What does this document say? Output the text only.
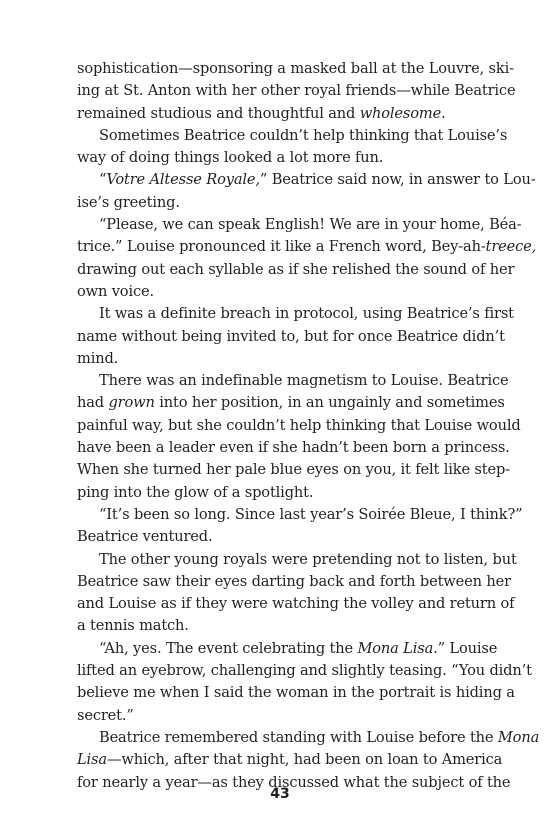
sophistication—sponsoring a masked ball at the Louvre, ski-
ing at St. Anton with her other royal friends—while Beatrice
remained studious and thoughtful and wholesome.
Sometimes Beatrice couldn’t help thinking that Louise’s
way of doing things looked a lot more fun.
“Votre Altesse Royale,” Beatrice said now, in answer to Lou-
ise’s greeting.
“Please, we can speak English! We are in your home, Béa-
trice.” Louise pronounced it like a French word, Bey-ah-treece,
drawing out each syllable as if she relished the sound of her
own voice.
It was a definite breach in protocol, using Beatrice’s first
name without being invited to, but for once Beatrice didn’t
mind.
There was an indefinable magnetism to Louise. Beatrice
had grown into her position, in an ungainly and sometimes
painful way, but she couldn’t help thinking that Louise would
have been a leader even if she hadn’t been born a princess.
When she turned her pale blue eyes on you, it felt like step-
ping into the glow of a spotlight.
“It’s been so long. Since last year’s Soirée Bleue, I think?”
Beatrice ventured.
The other young royals were pretending not to listen, but
Beatrice saw their eyes darting back and forth between her
and Louise as if they were watching the volley and return of
a tennis match.
“Ah, yes. The event celebrating the Mona Lisa.” Louise
lifted an eyebrow, challenging and slightly teasing. “You didn’t
believe me when I said the woman in the portrait is hiding a
secret.”
Beatrice remembered standing with Louise before the Mona
Lisa—which, after that night, had been on loan to America
for nearly a year—as they discussed what the subject of the
43
